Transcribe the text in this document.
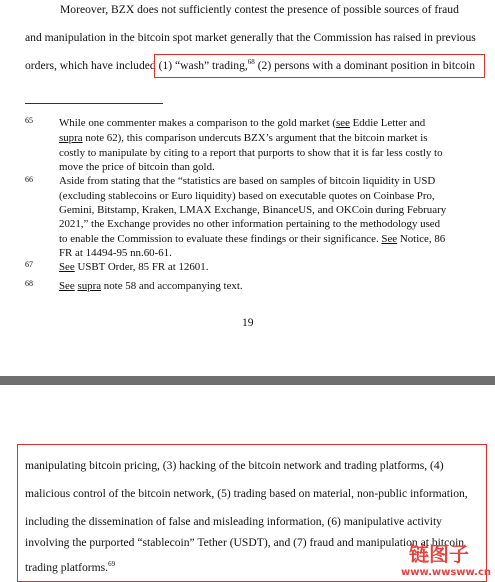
Moreover, BZX does not sufficiently contest the presence of possible sources of fraud
and manipulation in the bitcoin spot market generally that the Commission has raised in previous
orders, which have included (1) “wash” trading,$^{68}$ (2) persons with a dominant position in bitcoin
65 While one commenter makes a comparison to the gold market (see Eddie Letter and
supra note 62), this comparison undercuts BZX’s argument that the bitcoin market is
costly to manipulate by citing to a report that purports to show that it is far less costly to
move the price of bitcoin than gold.
66 Aside from stating that the “statistics are based on samples of bitcoin liquidity in USD
(excluding stablecoins or Euro liquidity) based on executable quotes on Coinbase Pro,
Gemini, Bitstamp, Kraken, LMAX Exchange, BinanceUS, and OKCoin during February
2021,” the Exchange provides no other information pertaining to the methodology used
to enable the Commission to evaluate these findings or their significance. See Notice, 86
FR at 14494-95 nn.60-61.
67 See USBT Order, 85 FR at 12601.
68 See supra note 58 and accompanying text.
19
manipulating bitcoin pricing, (3) hacking of the bitcoin network and trading platforms, (4)
malicious control of the bitcoin network, (5) trading based on material, non-public information,
including the dissemination of false and misleading information, (6) manipulative activity
involving the purported “stablecoin” Tether (USDT), and (7) fraud and manipulation at bitcoin
trading platforms.$^{69}$	链图子
www.wwsww.cn
